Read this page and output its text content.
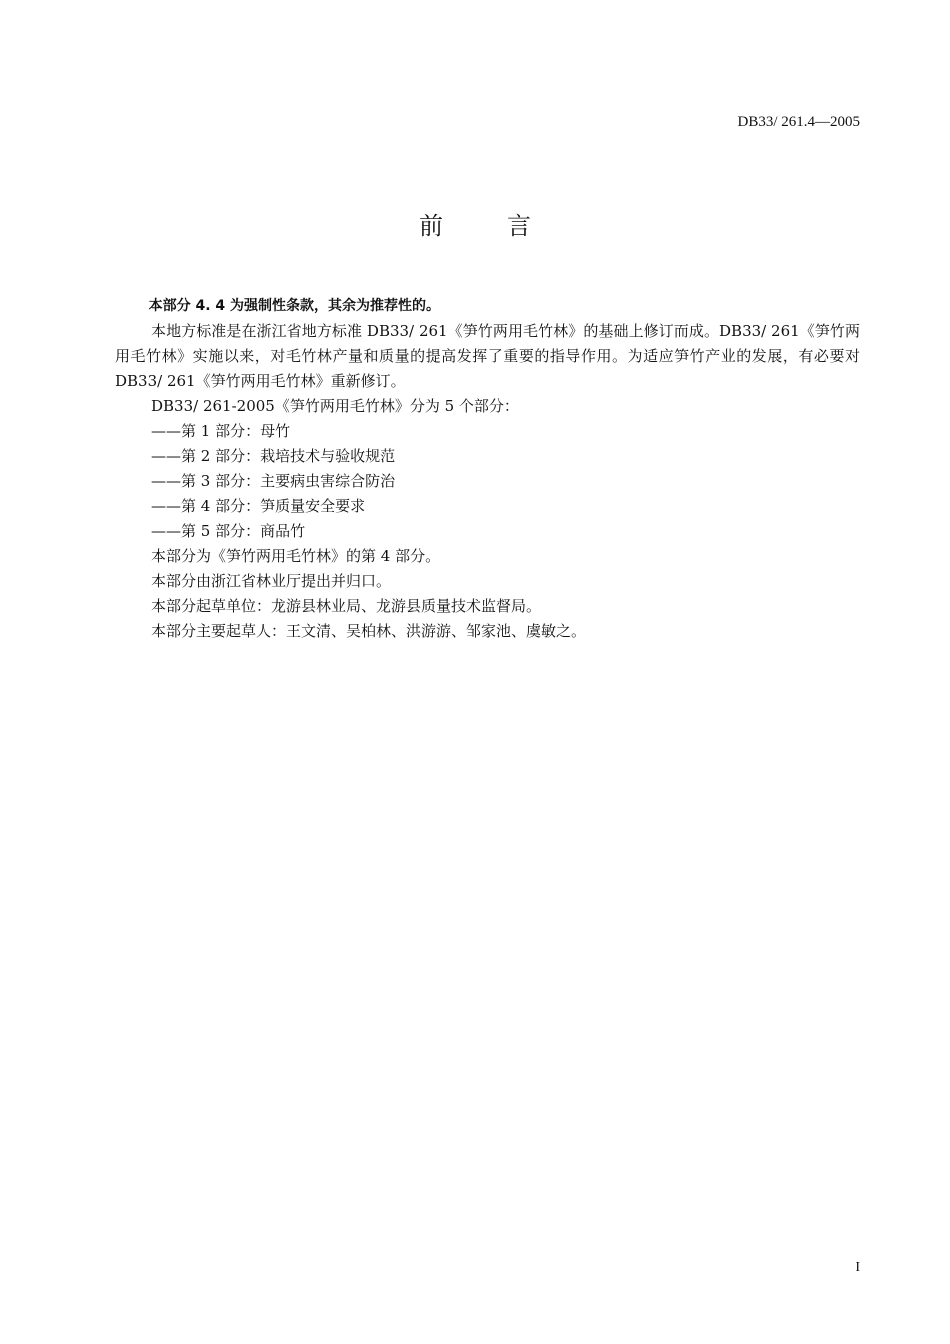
DB33/ 261.4—2005
前	言

本部分 4. 4 为强制性条款，其余为推荐性的。

本地方标准是在浙江省地方标准 DB33/ 261《笋竹两用毛竹林》的基础上修订而成。DB33/ 261《笋竹两用毛竹林》实施以来，对毛竹林产量和质量的提高发挥了重要的指导作用。为适应笋竹产业的发展，有必要对 DB33/ 261《笋竹两用毛竹林》重新修订。

DB33/ 261-2005《笋竹两用毛竹林》分为 5 个部分：

——第 1 部分：母竹

——第 2 部分：栽培技术与验收规范

——第 3 部分：主要病虫害综合防治

——第 4 部分：笋质量安全要求

——第 5 部分：商品竹

本部分为《笋竹两用毛竹林》的第 4 部分。

本部分由浙江省林业厅提出并归口。

本部分起草单位：龙游县林业局、龙游县质量技术监督局。

本部分主要起草人：王文清、吴柏林、洪游游、邹家池、虞敏之。

I
